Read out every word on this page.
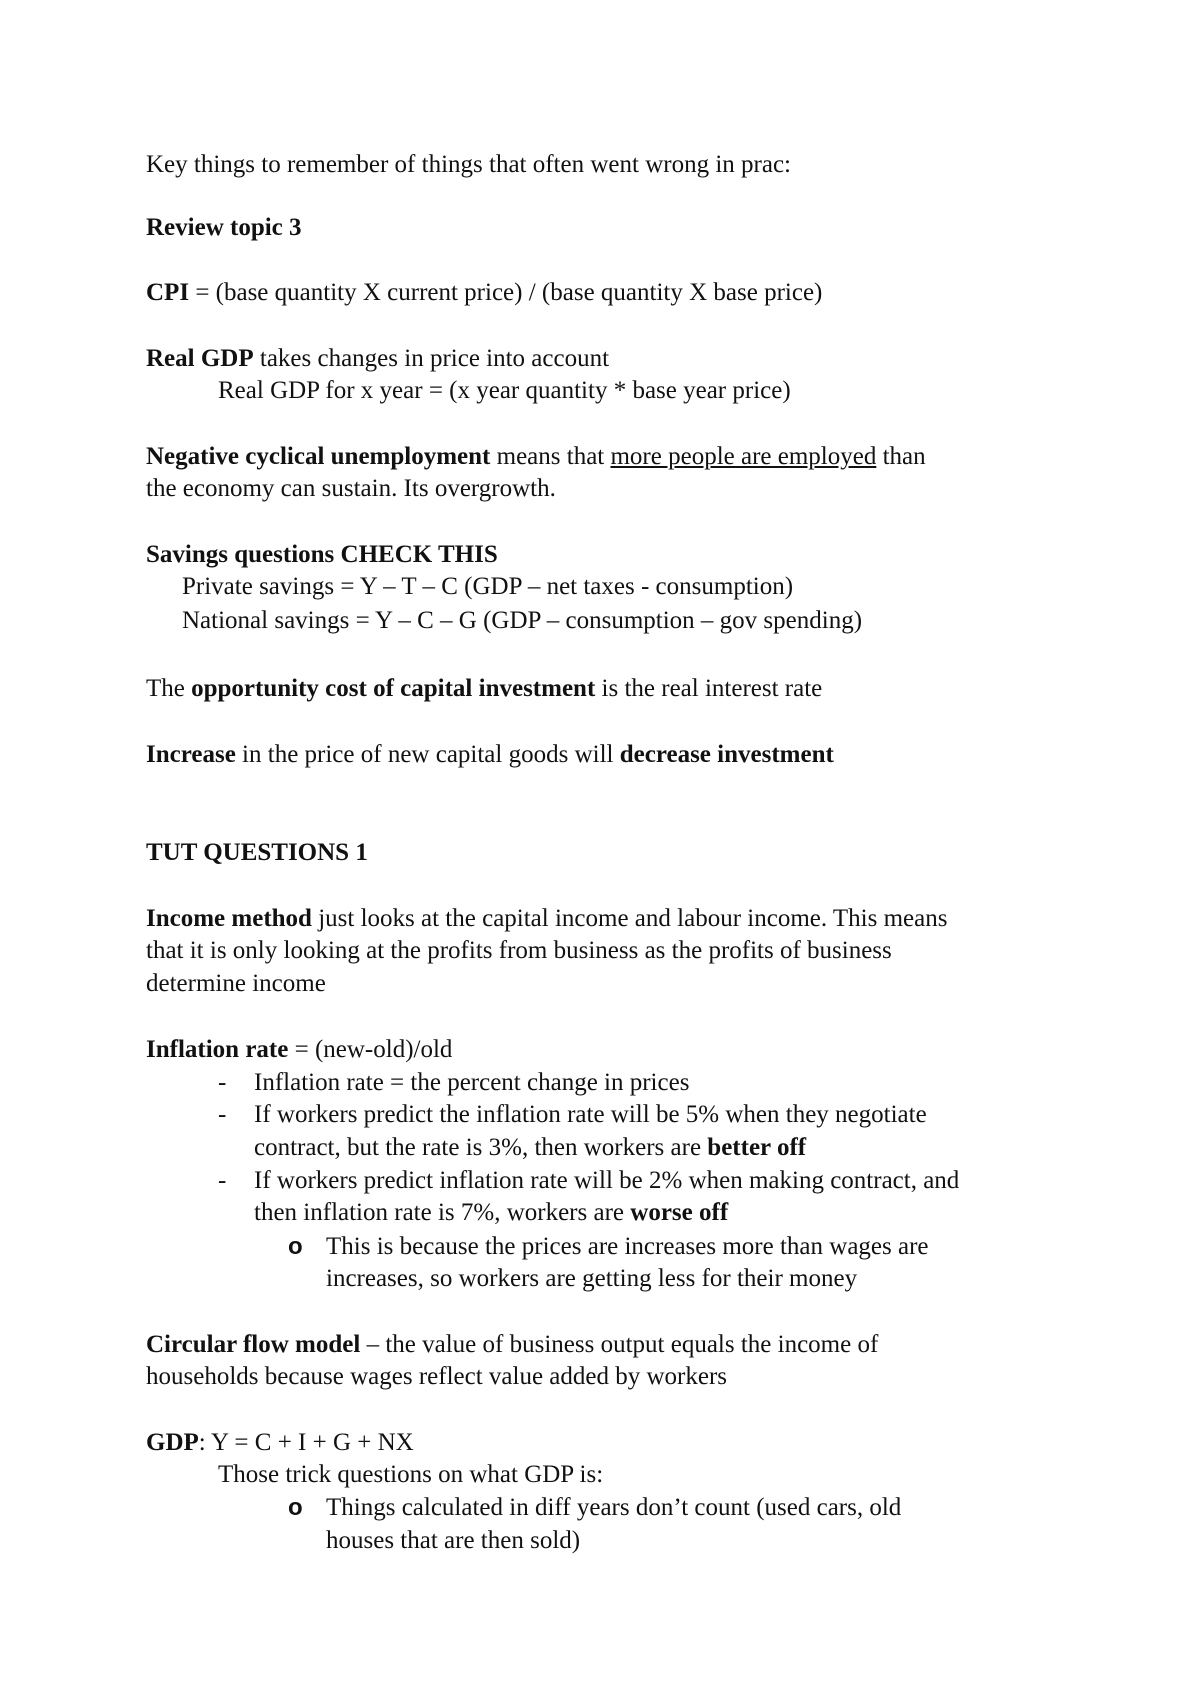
Key things to remember of things that often went wrong in prac:
Review topic 3
CPI = (base quantity X current price) / (base quantity X base price)
Real GDP takes changes in price into account
Real GDP for x year = (x year quantity * base year price)
Negative cyclical unemployment means that more people are employed than
the economy can sustain. Its overgrowth.
Savings questions CHECK THIS
Private savings = Y – T – C (GDP – net taxes - consumption)
National savings = Y – C – G (GDP – consumption – gov spending)
The opportunity cost of capital investment is the real interest rate
Increase in the price of new capital goods will decrease investment
TUT QUESTIONS 1
Income method just looks at the capital income and labour income. This means
that it is only looking at the profits from business as the profits of business
determine income
Inflation rate = (new-old)/old
- Inflation rate = the percent change in prices
- If workers predict the inflation rate will be 5% when they negotiate
contract, but the rate is 3%, then workers are better off
- If workers predict inflation rate will be 2% when making contract, and
then inflation rate is 7%, workers are worse off
o This is because the prices are increases more than wages are
increases, so workers are getting less for their money
Circular flow model – the value of business output equals the income of
households because wages reflect value added by workers
GDP: Y = C + I + G + NX
Those trick questions on what GDP is:
o Things calculated in diff years don’t count (used cars, old
houses that are then sold)
